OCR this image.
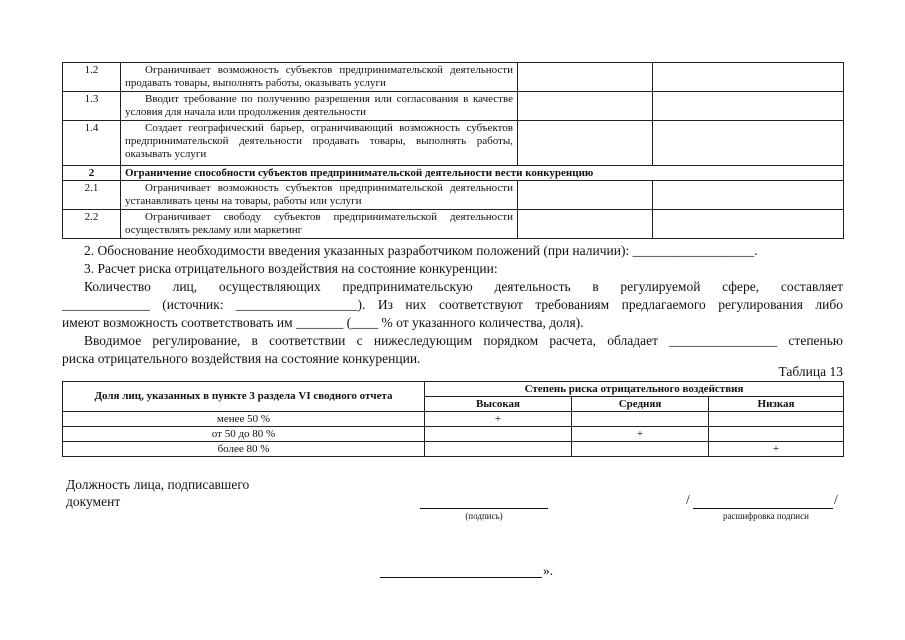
1.2	Ограничивает возможность субъектов предпринимательской деятельности продавать товары, выполнять работы, оказывать услуги		
1.3	Вводит требование по получению разрешения или согласования в качестве условия для начала или продолжения деятельности		
1.4	Создает географический барьер, ограничивающий возможность субъектов предпринимательской деятельности продавать товары, выполнять работы, оказывать услуги		
2	Ограничение способности субъектов предпринимательской деятельности вести конкуренцию		
2.1	Ограничивает возможность субъектов предпринимательской деятельности устанавливать цены на товары, работы или услуги		
2.2	Ограничивает свободу субъектов предпринимательской деятельности осуществлять рекламу или маркетинг		
2. Обоснование необходимости введения указанных разработчиком положений (при наличии): __________________.
3. Расчет риска отрицательного воздействия на состояние конкуренции:
Количество лиц, осуществляющих предпринимательскую деятельность в регулируемой сфере, составляет
_____________ (источник: __________________). Из них соответствуют требованиям предлагаемого регулирования либо
имеют возможность соответствовать им _______ (____ % от указанного количества, доля).
Вводимое регулирование, в соответствии с нижеследующим порядком расчета, обладает ________________ степенью
риска отрицательного воздействия на состояние конкуренции.
Таблица 13
Доля лиц, указанных в пункте 3 раздела VI сводного отчета	Степень риска отрицательного воздействия		
	Высокая	Средняя	Низкая
менее 50 %	+		
от 50 до 80 %		+	
более 80 %			+
Должность лица, подписавшего документ
(подпись)
/	/
расшифровка подписи
».
